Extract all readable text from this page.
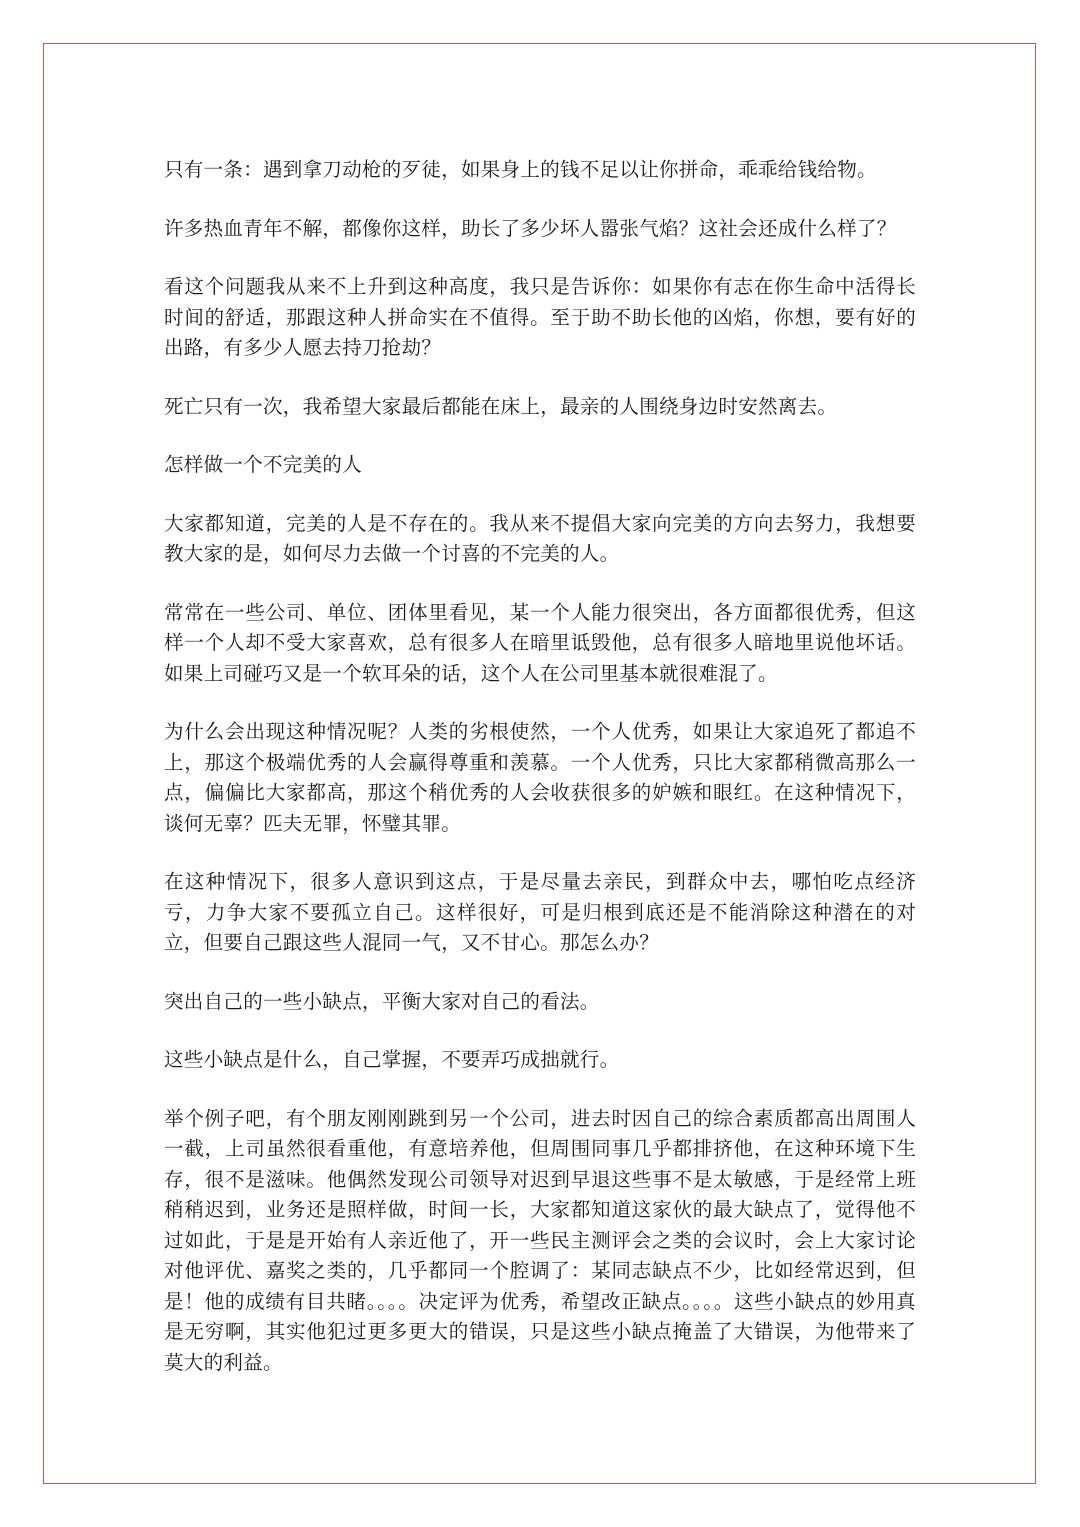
只有一条：遇到拿刀动枪的歹徒，如果身上的钱不足以让你拼命，乖乖给钱给物。

许多热血青年不解，都像你这样，助长了多少坏人嚣张气焰？这社会还成什么样了？

看这个问题我从来不上升到这种高度，我只是告诉你：如果你有志在你生命中活得长时间的舒适，那跟这种人拼命实在不值得。至于助不助长他的凶焰，你想，要有好的出路，有多少人愿去持刀抢劫？

死亡只有一次，我希望大家最后都能在床上，最亲的人围绕身边时安然离去。

怎样做一个不完美的人

大家都知道，完美的人是不存在的。我从来不提倡大家向完美的方向去努力，我想要教大家的是，如何尽力去做一个讨喜的不完美的人。

常常在一些公司、单位、团体里看见，某一个人能力很突出，各方面都很优秀，但这样一个人却不受大家喜欢，总有很多人在暗里诋毁他，总有很多人暗地里说他坏话。如果上司碰巧又是一个软耳朵的话，这个人在公司里基本就很难混了。

为什么会出现这种情况呢？人类的劣根使然，一个人优秀，如果让大家追死了都追不上，那这个极端优秀的人会赢得尊重和羡慕。一个人优秀，只比大家都稍微高那么一点，偏偏比大家都高，那这个稍优秀的人会收获很多的妒嫉和眼红。在这种情况下，谈何无辜？匹夫无罪，怀璧其罪。

在这种情况下，很多人意识到这点，于是尽量去亲民，到群众中去，哪怕吃点经济亏，力争大家不要孤立自己。这样很好，可是归根到底还是不能消除这种潜在的对立，但要自己跟这些人混同一气，又不甘心。那怎么办？

突出自己的一些小缺点，平衡大家对自己的看法。

这些小缺点是什么，自己掌握，不要弄巧成拙就行。

举个例子吧，有个朋友刚刚跳到另一个公司，进去时因自己的综合素质都高出周围人一截，上司虽然很看重他，有意培养他，但周围同事几乎都排挤他，在这种环境下生存，很不是滋味。他偶然发现公司领导对迟到早退这些事不是太敏感，于是经常上班稍稍迟到，业务还是照样做，时间一长，大家都知道这家伙的最大缺点了，觉得他不过如此，于是是开始有人亲近他了，开一些民主测评会之类的会议时，会上大家讨论对他评优、嘉奖之类的，几乎都同一个腔调了：某同志缺点不少，比如经常迟到，但是！他的成绩有目共睹。。。。决定评为优秀，希望改正缺点。。。。这些小缺点的妙用真是无穷啊，其实他犯过更多更大的错误，只是这些小缺点掩盖了大错误，为他带来了莫大的利益。
